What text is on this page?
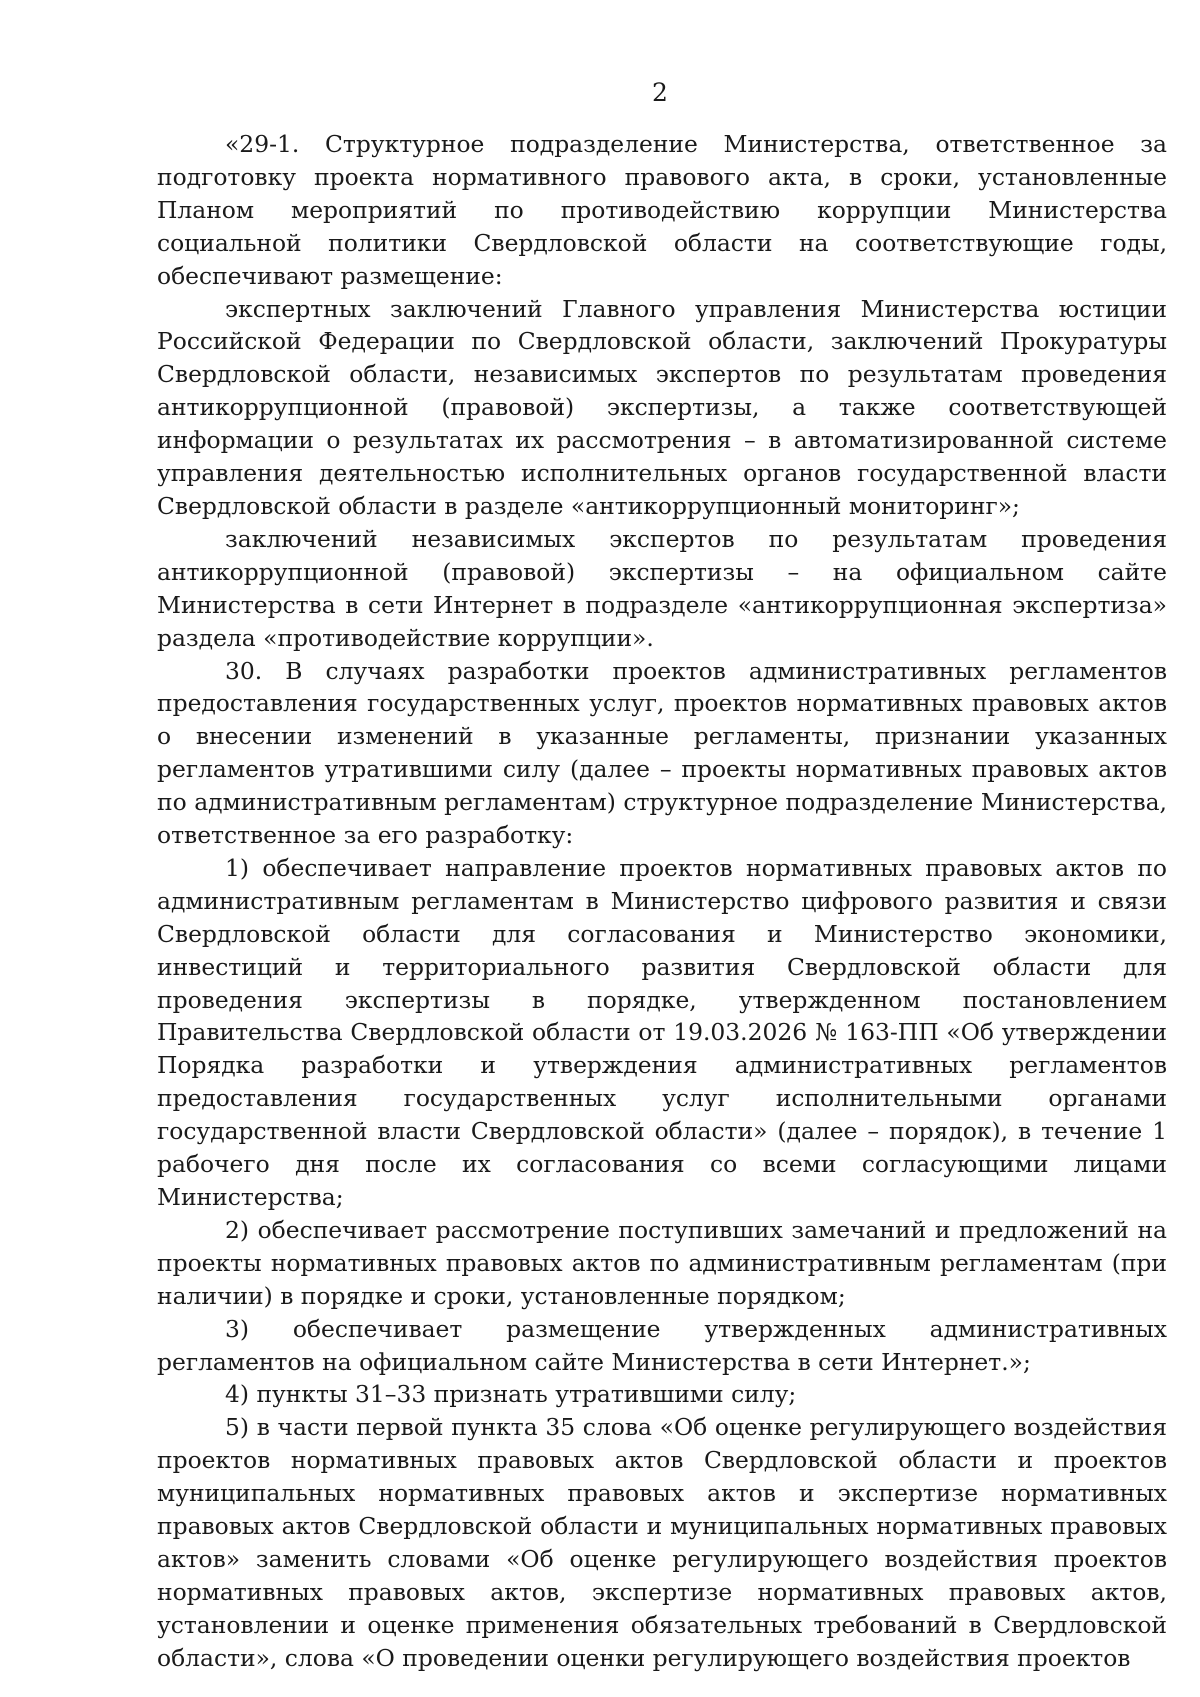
2

«29-1. Структурное подразделение Министерства, ответственное за подготовку проекта нормативного правового акта, в сроки, установленные Планом мероприятий по противодействию коррупции Министерства социальной политики Свердловской области на соответствующие годы, обеспечивают размещение:

экспертных заключений Главного управления Министерства юстиции Российской Федерации по Свердловской области, заключений Прокуратуры Свердловской области, независимых экспертов по результатам проведения антикоррупционной (правовой) экспертизы, а также соответствующей информации о результатах их рассмотрения – в автоматизированной системе управления деятельностью исполнительных органов государственной власти Свердловской области в разделе «антикоррупционный мониторинг»;

заключений независимых экспертов по результатам проведения антикоррупционной (правовой) экспертизы – на официальном сайте Министерства в сети Интернет в подразделе «антикоррупционная экспертиза» раздела «противодействие коррупции».

30. В случаях разработки проектов административных регламентов предоставления государственных услуг, проектов нормативных правовых актов о внесении изменений в указанные регламенты, признании указанных регламентов утратившими силу (далее – проекты нормативных правовых актов по административным регламентам) структурное подразделение Министерства, ответственное за его разработку:

1) обеспечивает направление проектов нормативных правовых актов по административным регламентам в Министерство цифрового развития и связи Свердловской области для согласования и Министерство экономики, инвестиций и территориального развития Свердловской области для проведения экспертизы в порядке, утвержденном постановлением Правительства Свердловской области от 19.03.2026 № 163-ПП «Об утверждении Порядка разработки и утверждения административных регламентов предоставления государственных услуг исполнительными органами государственной власти Свердловской области» (далее – порядок), в течение 1 рабочего дня после их согласования со всеми согласующими лицами Министерства;

2) обеспечивает рассмотрение поступивших замечаний и предложений на проекты нормативных правовых актов по административным регламентам (при наличии) в порядке и сроки, установленные порядком;

3) обеспечивает размещение утвержденных административных регламентов на официальном сайте Министерства в сети Интернет.»;

4) пункты 31–33 признать утратившими силу;

5) в части первой пункта 35 слова «Об оценке регулирующего воздействия проектов нормативных правовых актов Свердловской области и проектов муниципальных нормативных правовых актов и экспертизе нормативных правовых актов Свердловской области и муниципальных нормативных правовых актов» заменить словами «Об оценке регулирующего воздействия проектов нормативных правовых актов, экспертизе нормативных правовых актов, установлении и оценке применения обязательных требований в Свердловской области», слова «О проведении оценки регулирующего воздействия проектов
